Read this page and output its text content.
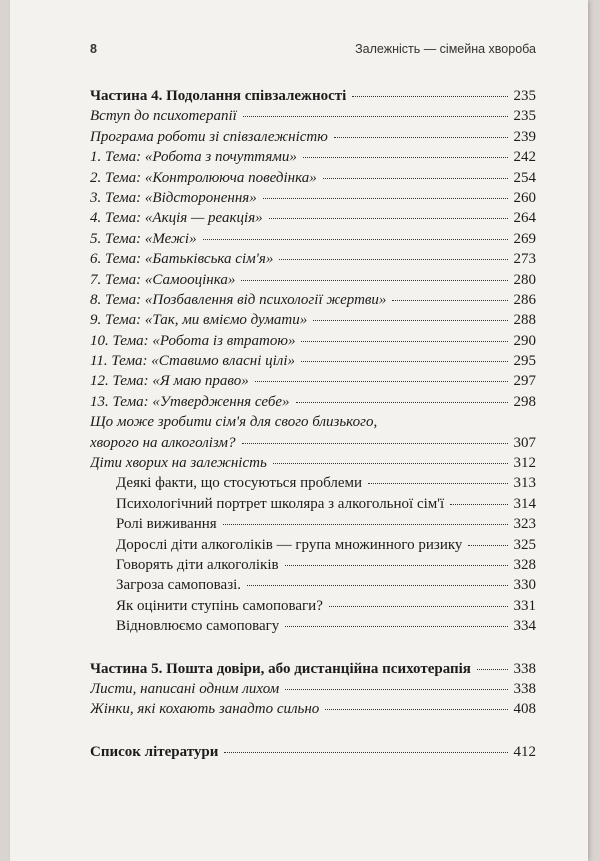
8	Залежність — сімейна хвороба
Частина 4. Подолання співзалежності	235
Вступ до психотерапії	235
Програма роботи зі співзалежністю	239
1. Тема: «Робота з почуттями»	242
2. Тема: «Контролююча поведінка»	254
3. Тема: «Відсторонення»	260
4. Тема: «Акція — реакція»	264
5. Тема: «Межі»	269
6. Тема: «Батьківська сім'я»	273
7. Тема: «Самооцінка»	280
8. Тема: «Позбавлення від психології жертви»	286
9. Тема: «Так, ми вміємо думати»	288
10. Тема: «Робота із втратою»	290
11. Тема: «Ставимо власні цілі»	295
12. Тема: «Я маю право»	297
13. Тема: «Утвердження себе»	298
Що може зробити сім'я для свого близького,
хворого на алкоголізм?	307
Діти хворих на залежність	312
Деякі факти, що стосуються проблеми	313
Психологічний портрет школяра з алкогольної сім'ї	314
Ролі виживання	323
Дорослі діти алкоголіків — група множинного ризику	325
Говорять діти алкоголіків	328
Загроза самоповазі.	330
Як оцінити ступінь самоповаги?	331
Відновлюємо самоповагу	334
Частина 5. Пошта довіри, або дистанційна психотерапія	338
Листи, написані одним лихом	338
Жінки, які кохають занадто сильно	408
Список літератури	412
